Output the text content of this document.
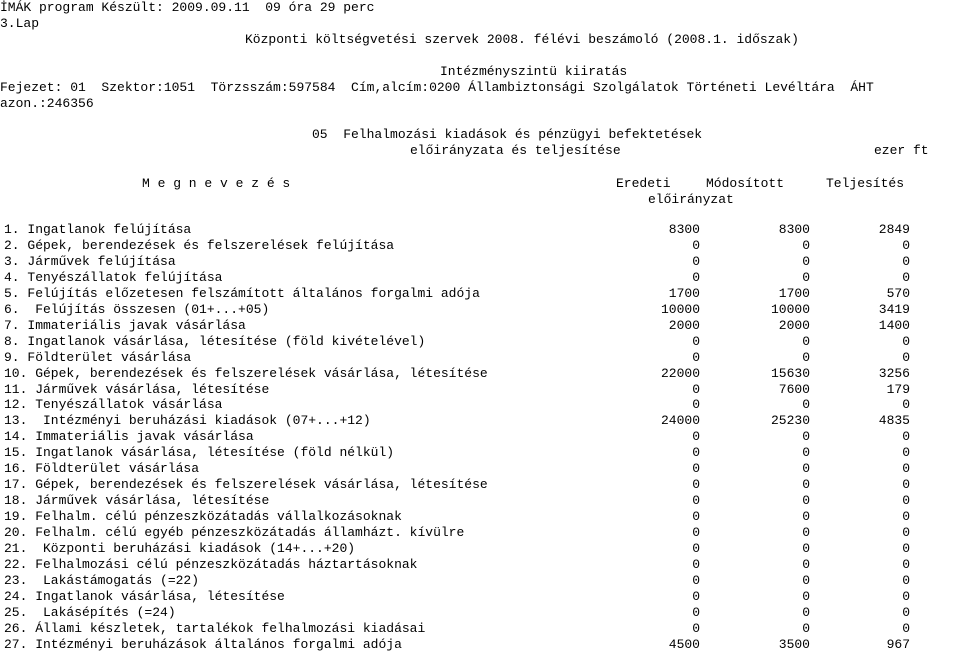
İMÁK program Készült: 2009.09.11  09 óra 29 perc
3.Lap
Központi költségvetési szervek 2008. félévi beszámoló (2008.1. időszak)
Intézményszintü kiiratás
Fejezet: 01  Szektor:1051  Törzsszám:597584  Cím,alcím:0200 Állambiztonsági Szolgálatok Történeti Levéltára  ÁHT
azon.:246356
05  Felhalmozási kiadások és pénzügyi befektetések
előirányzata és teljesítése	ezer ft
M e g n e v e z é s	Eredeti	Módosított	Teljesítés
előirányzat
1. Ingatlanok felújítása	8300	8300	2849
2. Gépek, berendezések és felszerelések felújítása	0	0	0
3. Járművek felújítása	0	0	0
4. Tenyészállatok felújítása	0	0	0
5. Felújítás előzetesen felszámított általános forgalmi adója	1700	1700	570
6.  Felújítás összesen (01+...+05)	10000	10000	3419
7. Immateriális javak vásárlása	2000	2000	1400
8. Ingatlanok vásárlása, létesítése (föld kivételével)	0	0	0
9. Földterület vásárlása	0	0	0
10. Gépek, berendezések és felszerelések vásárlása, létesítése	22000	15630	3256
11. Járművek vásárlása, létesítése	0	7600	179
12. Tenyészállatok vásárlása	0	0	0
13.  Intézményi beruházási kiadások (07+...+12)	24000	25230	4835
14. Immateriális javak vásárlása	0	0	0
15. Ingatlanok vásárlása, létesítése (föld nélkül)	0	0	0
16. Földterület vásárlása	0	0	0
17. Gépek, berendezések és felszerelések vásárlása, létesítése	0	0	0
18. Járművek vásárlása, létesítése	0	0	0
19. Felhalm. célú pénzeszközátadás vállalkozásoknak	0	0	0
20. Felhalm. célú egyéb pénzeszközátadás államházt. kívülre	0	0	0
21.  Központi beruházási kiadások (14+...+20)	0	0	0
22. Felhalmozási célú pénzeszközátadás háztartásoknak	0	0	0
23.  Lakástámogatás (=22)	0	0	0
24. Ingatlanok vásárlása, létesítése	0	0	0
25.  Lakásépítés (=24)	0	0	0
26. Állami készletek, tartalékok felhalmozási kiadásai	0	0	0
27. Intézményi beruházások általános forgalmi adója	4500	3500	967
